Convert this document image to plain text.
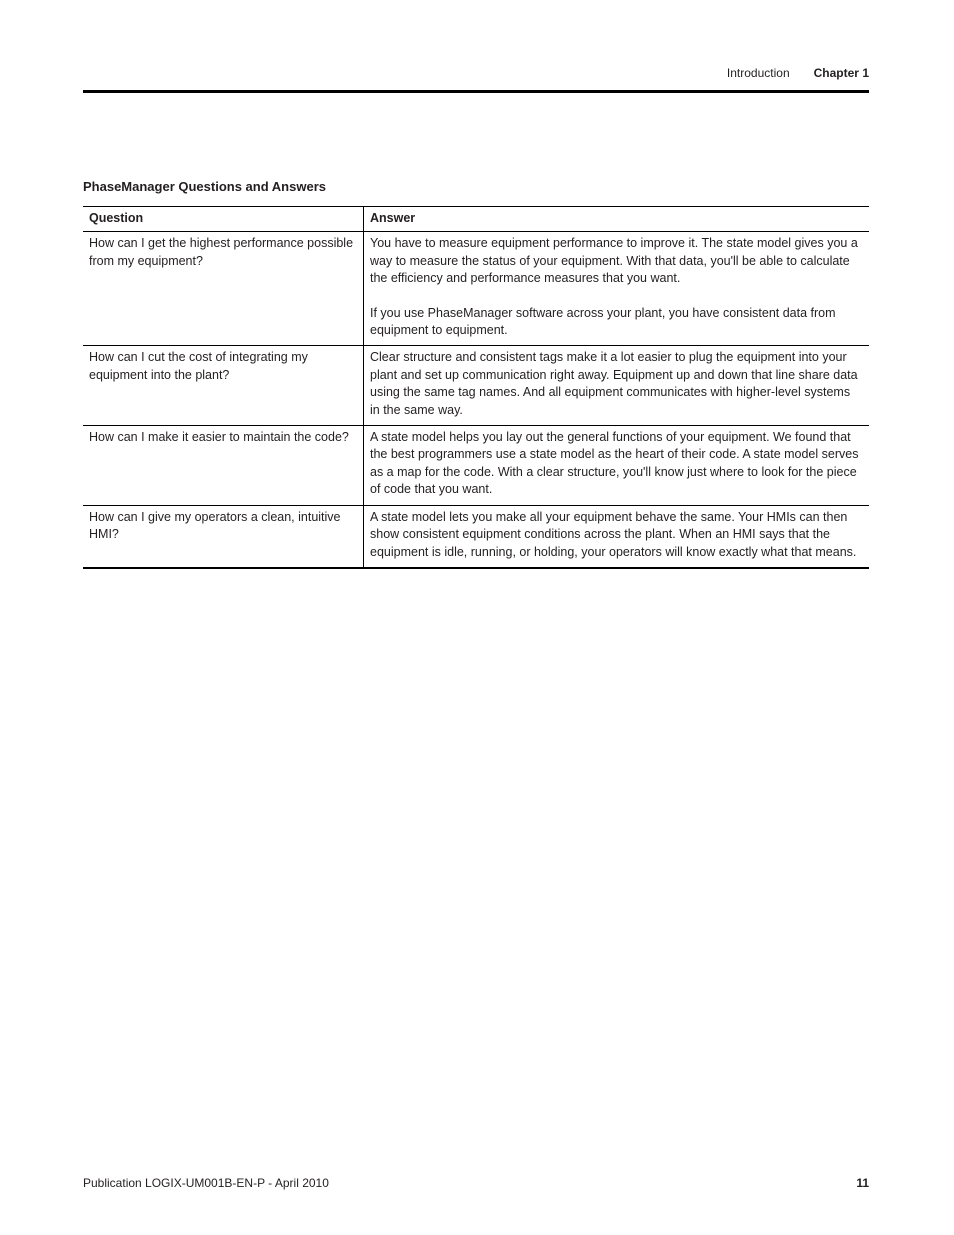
Introduction Chapter 1
PhaseManager Questions and Answers
Question	Answer
How can I get the highest performance possible from my equipment?	You have to measure equipment performance to improve it. The state model gives you a way to measure the status of your equipment. With that data, you'll be able to calculate the efficiency and performance measures that you want.

If you use PhaseManager software across your plant, you have consistent data from equipment to equipment.

How can I cut the cost of integrating my equipment into the plant?	Clear structure and consistent tags make it a lot easier to plug the equipment into your plant and set up communication right away. Equipment up and down that line share data using the same tag names. And all equipment communicates with higher-level systems in the same way.

How can I make it easier to maintain the code?	A state model helps you lay out the general functions of your equipment. We found that the best programmers use a state model as the heart of their code. A state model serves as a map for the code. With a clear structure, you'll know just where to look for the piece of code that you want.

How can I give my operators a clean, intuitive HMI?	A state model lets you make all your equipment behave the same. Your HMIs can then show consistent equipment conditions across the plant. When an HMI says that the equipment is idle, running, or holding, your operators will know exactly what that means.

Publication LOGIX-UM001B-EN-P - April 2010	11
